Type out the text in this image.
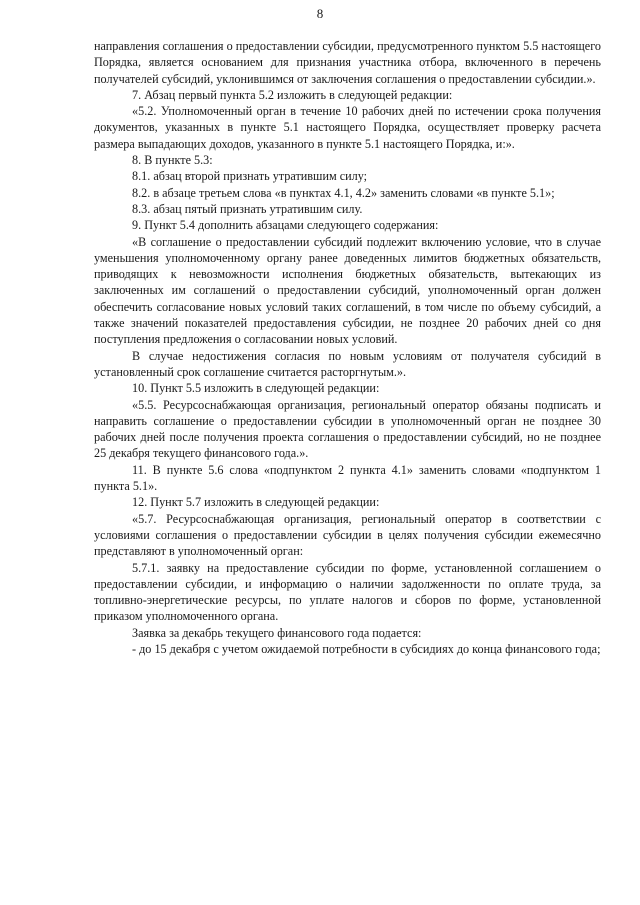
8

направления соглашения о предоставлении субсидии, предусмотренного пунктом 5.5 настоящего Порядка, является основанием для признания участника отбора, включенного в перечень получателей субсидий, уклонившимся от заключения соглашения о предоставлении субсидии.».

7. Абзац первый пункта 5.2 изложить в следующей редакции:

«5.2. Уполномоченный орган в течение 10 рабочих дней по истечении срока получения документов, указанных в пункте 5.1 настоящего Порядка, осуществляет проверку расчета размера выпадающих доходов, указанного в пункте 5.1 настоящего Порядка, и:».

8. В пункте 5.3:

8.1. абзац второй признать утратившим силу;

8.2. в абзаце третьем слова «в пунктах 4.1, 4.2» заменить словами «в пункте 5.1»;

8.3. абзац пятый признать утратившим силу.

9. Пункт 5.4 дополнить абзацами следующего содержания:

«В соглашение о предоставлении субсидий подлежит включению условие, что в случае уменьшения уполномоченному органу ранее доведенных лимитов бюджетных обязательств, приводящих к невозможности исполнения бюджетных обязательств, вытекающих из заключенных им соглашений о предоставлении субсидий, уполномоченный орган должен обеспечить согласование новых условий таких соглашений, в том числе по объему субсидий, а также значений показателей предоставления субсидии, не позднее 20 рабочих дней со дня поступления предложения о согласовании новых условий.

В случае недостижения согласия по новым условиям от получателя субсидий в установленный срок соглашение считается расторгнутым.».

10. Пункт 5.5 изложить в следующей редакции:

«5.5. Ресурсоснабжающая организация, региональный оператор обязаны подписать и направить соглашение о предоставлении субсидии в уполномоченный орган не позднее 30 рабочих дней после получения проекта соглашения о предоставлении субсидий, но не позднее 25 декабря текущего финансового года.».

11. В пункте 5.6 слова «подпунктом 2 пункта 4.1» заменить словами «подпунктом 1 пункта 5.1».

12. Пункт 5.7 изложить в следующей редакции:

«5.7. Ресурсоснабжающая организация, региональный оператор в соответствии с условиями соглашения о предоставлении субсидии в целях получения субсидии ежемесячно представляют в уполномоченный орган:

5.7.1. заявку на предоставление субсидии по форме, установленной соглашением о предоставлении субсидии, и информацию о наличии задолженности по оплате труда, за топливно-энергетические ресурсы, по уплате налогов и сборов по форме, установленной приказом уполномоченного органа.

Заявка за декабрь текущего финансового года подается:

- до 15 декабря с учетом ожидаемой потребности в субсидиях до конца финансового года;
